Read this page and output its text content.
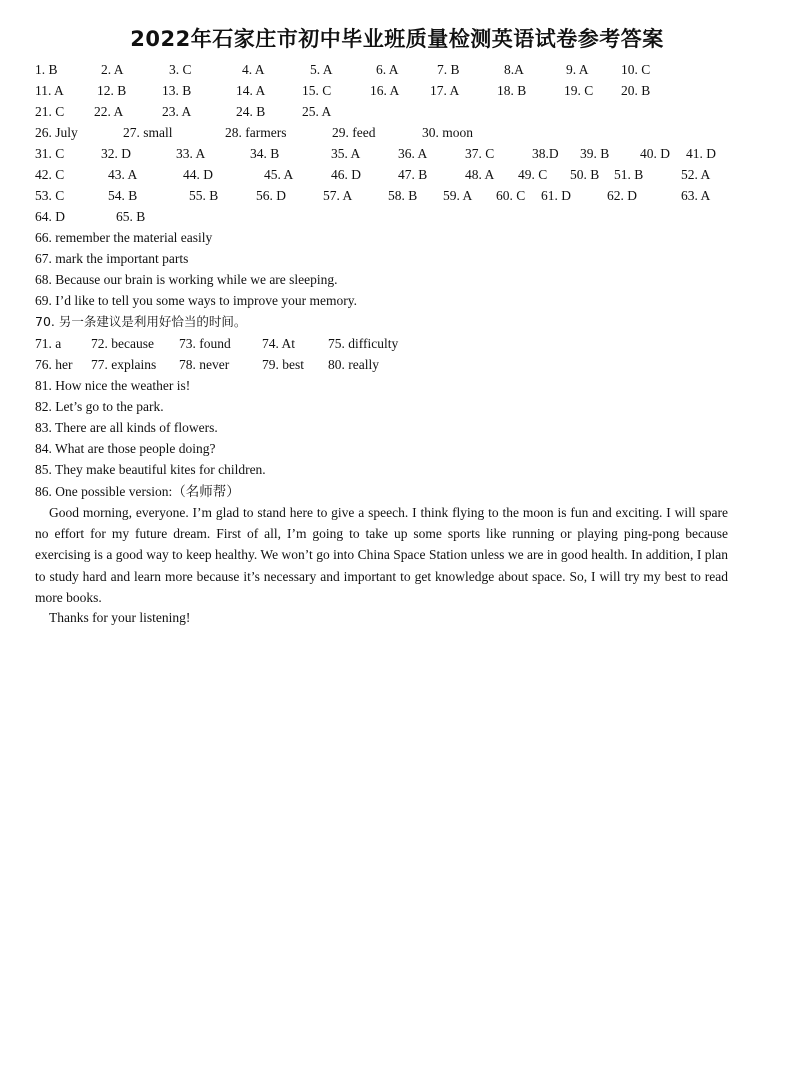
2022年石家庄市初中毕业班质量检测英语试卷参考答案
1. B	2. A	3. C	4. A	5. A	6. A	7. B	8.A	9. A 10. C
11. A 12. B	13. B	14. A	15. C	16. A 17. A	18. B	19. C 20. B
21. C 22. A	23. A	24. B	25. A
26. July	27. small	28. farmers	29. feed	30. moon
31. C	32. D	33. A	34. B	35. A	36. A	37. C	38.D 39. B 40. D 41. D
42. C	43. A	44. D	45. A	46. D	47. B	48. A 49. C 50. B 51. B	52. A
53. C	54. B	55. B	56. D	57. A	58. B 59. A 60. C 61. D	62. D	63. A
64. D	65. B
66. remember the material easily
67. mark the important parts
68. Because our brain is working while we are sleeping.
69. I’d like to tell you some ways to improve your memory.
70. 另一条建议是利用好恰当的时间。
71. a 72. because 73. found 74. At 75. difficulty
76. her 77. explains 78. never 79. best 80. really
81. How nice the weather is!
82. Let’s go to the park.
83. There are all kinds of flowers.
84. What are those people doing?
85. They make beautiful kites for children.
86. One possible version:（名师帮）

Good morning, everyone. I’m glad to stand here to give a speech. I think flying to the moon is fun and exciting. I will spare no effort for my future dream. First of all, I’m going to take up some sports like running or playing ping-pong because exercising is a good way to keep healthy. We won’t go into China Space Station unless we are in good health. In addition, I plan to study hard and learn more because it’s necessary and important to get knowledge about space. So, I will try my best to read more books.

Thanks for your listening!
